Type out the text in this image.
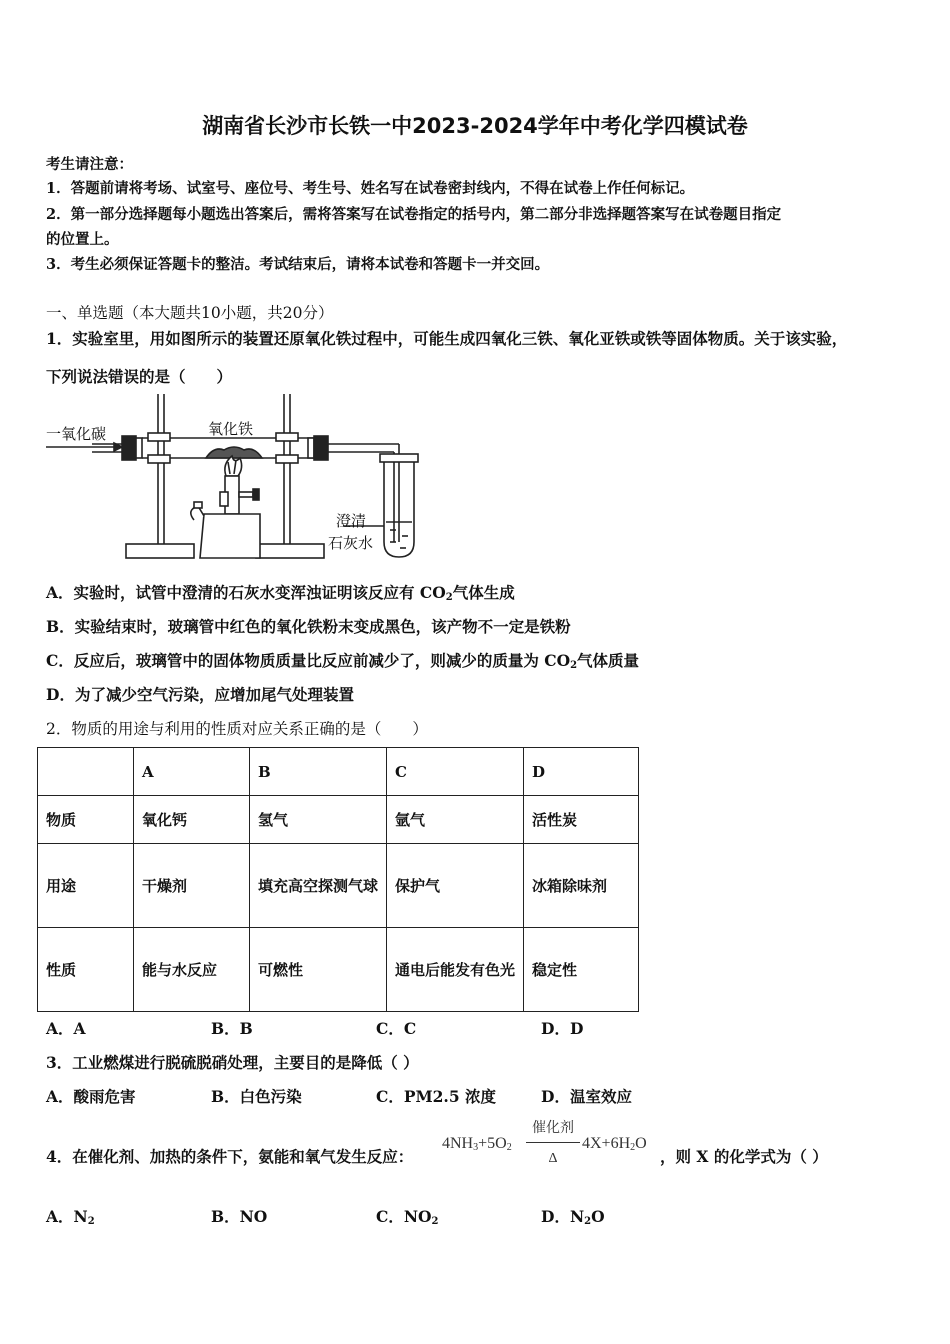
湖南省长沙市长铁一中2023-2024学年中考化学四模试卷
考生请注意：
1．答题前请将考场、试室号、座位号、考生号、姓名写在试卷密封线内，不得在试卷上作任何标记。
2．第一部分选择题每小题选出答案后，需将答案写在试卷指定的括号内，第二部分非选择题答案写在试卷题目指定
的位置上。
3．考生必须保证答题卡的整洁。考试结束后，请将本试卷和答题卡一并交回。
一、单选题（本大题共10小题，共20分）
1．实验室里，用如图所示的装置还原氧化铁过程中，可能生成四氧化三铁、氧化亚铁或铁等固体物质。关于该实验，
下列说法错误的是（　　）
一氧化碳	氧化铁
澄清
石灰水
A．实验时，试管中澄清的石灰水变浑浊证明该反应有 $CO_2$气体生成
B．实验结束时，玻璃管中红色的氧化铁粉末变成黑色，该产物不一定是铁粉
C．反应后，玻璃管中的固体物质质量比反应前减少了，则减少的质量为 $CO_2$气体质量
D．为了减少空气污染，应增加尾气处理装置
2．物质的用途与利用的性质对应关系正确的是（　　）
	A	B	C	D
物质	氧化钙	氢气	氩气	活性炭
用途	干燥剂	填充高空探测气球	保护气	冰箱除味剂
性质	能与水反应	可燃性	通电后能发有色光	稳定性
A．A	B．B	C．C	D．D
3．工业燃煤进行脱硫脱硝处理，主要目的是降低（ ）
A．酸雨危害	B．白色污染	C．PM2.5 浓度	D．温室效应
4．在催化剂、加热的条件下，氨能和氧气发生反应：
$4NH_3+5O_2$
催化剂
Δ
$4X+6H_2O$
，则 X 的化学式为（ ）
A．$N_2$	B．NO	C．$NO_2$	D．$N_2O$
